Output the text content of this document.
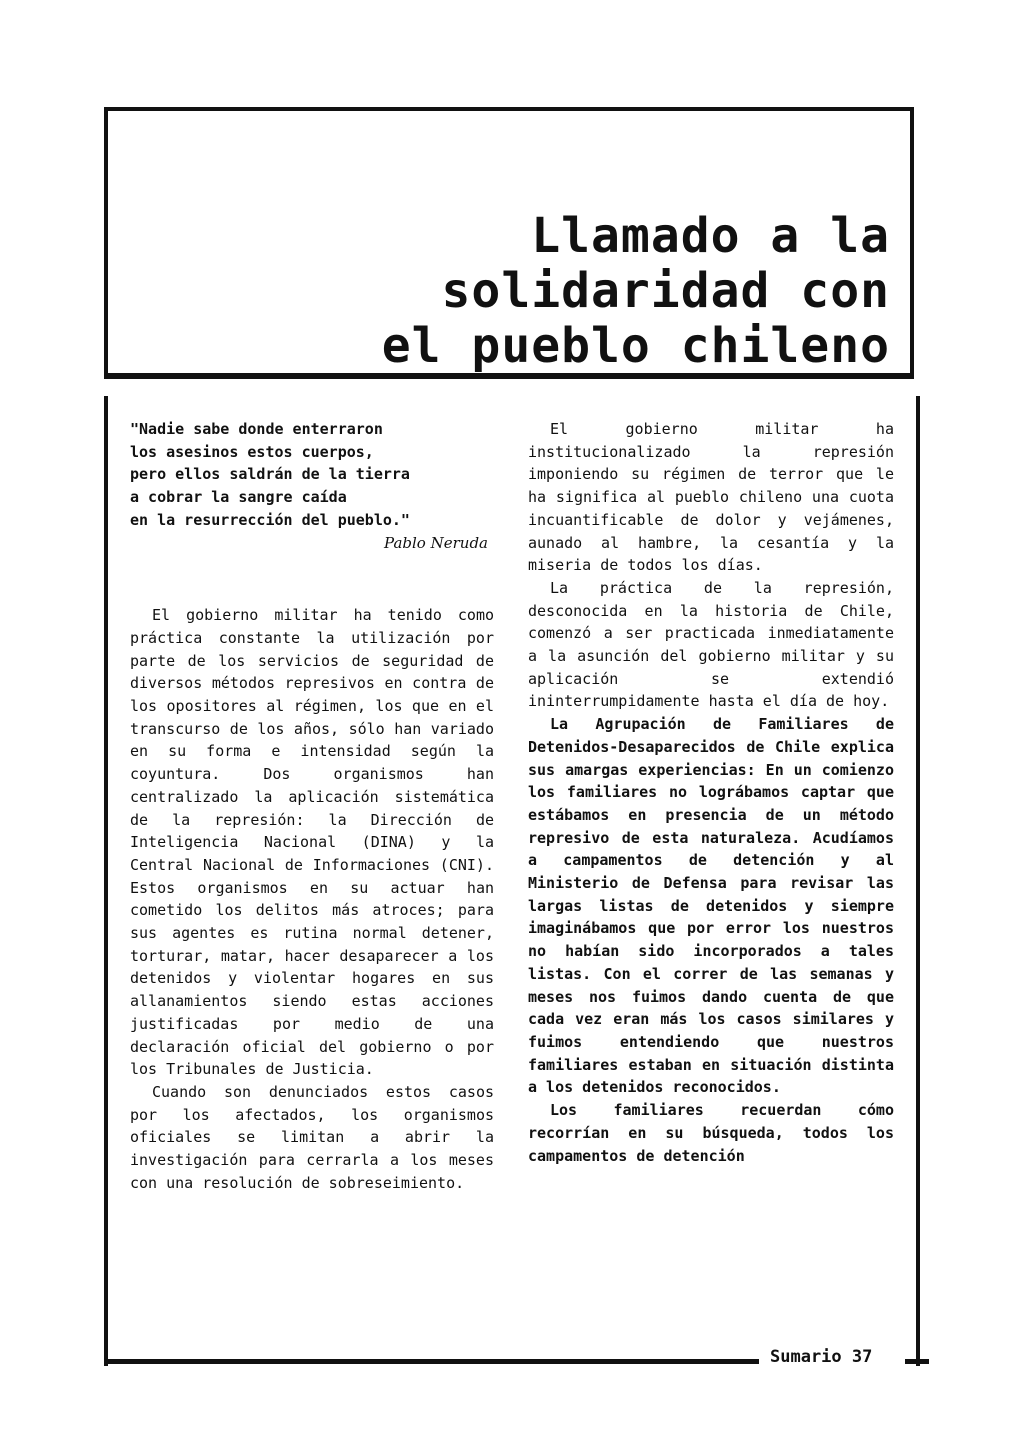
Llamado a la
solidaridad con
el pueblo chileno

"Nadie sabe donde enterraron
los asesinos estos cuerpos,
pero ellos saldrán de la tierra
a cobrar la sangre caída
en la resurrección del pueblo."

Pablo Neruda

El gobierno militar ha tenido como práctica constante la utilización por parte de los servicios de seguridad de diversos métodos represivos en contra de los opositores al régimen, los que en el transcurso de los años, sólo han variado en su forma e intensidad según la coyuntura. Dos organismos han centralizado la aplicación sistemática de la represión: la Dirección de Inteligencia Nacional (DINA) y la Central Nacional de Informaciones (CNI). Estos organismos en su actuar han cometido los delitos más atroces; para sus agentes es rutina normal detener, torturar, matar, hacer desaparecer a los detenidos y violentar hogares en sus allanamientos siendo estas acciones justificadas por medio de una declaración oficial del gobierno o por los Tribunales de Justicia.

Cuando son denunciados estos casos por los afectados, los organismos oficiales se limitan a abrir la investigación para cerrarla a los meses con una resolución de sobreseimiento.

El gobierno militar ha institucionalizado la represión imponiendo su régimen de terror que le ha significa al pueblo chileno una cuota incuantificable de dolor y vejámenes, aunado al hambre, la cesantía y la miseria de todos los días.

La práctica de la represión, desconocida en la historia de Chile, comenzó a ser practicada inmediatamente a la asunción del gobierno militar y su aplicación se extendió ininterrumpidamente hasta el día de hoy.

La Agrupación de Familiares de Detenidos-Desaparecidos de Chile explica sus amargas experiencias: En un comienzo los familiares no lográbamos captar que estábamos en presencia de un método represivo de esta naturaleza. Acudíamos a campamentos de detención y al Ministerio de Defensa para revisar las largas listas de detenidos y siempre imaginábamos que por error los nuestros no habían sido incorporados a tales listas. Con el correr de las semanas y meses nos fuimos dando cuenta de que cada vez eran más los casos similares y fuimos entendiendo que nuestros familiares estaban en situación distinta a los detenidos reconocidos.

Los familiares recuerdan cómo recorrían en su búsqueda, todos los campamentos de detención

Sumario 37
